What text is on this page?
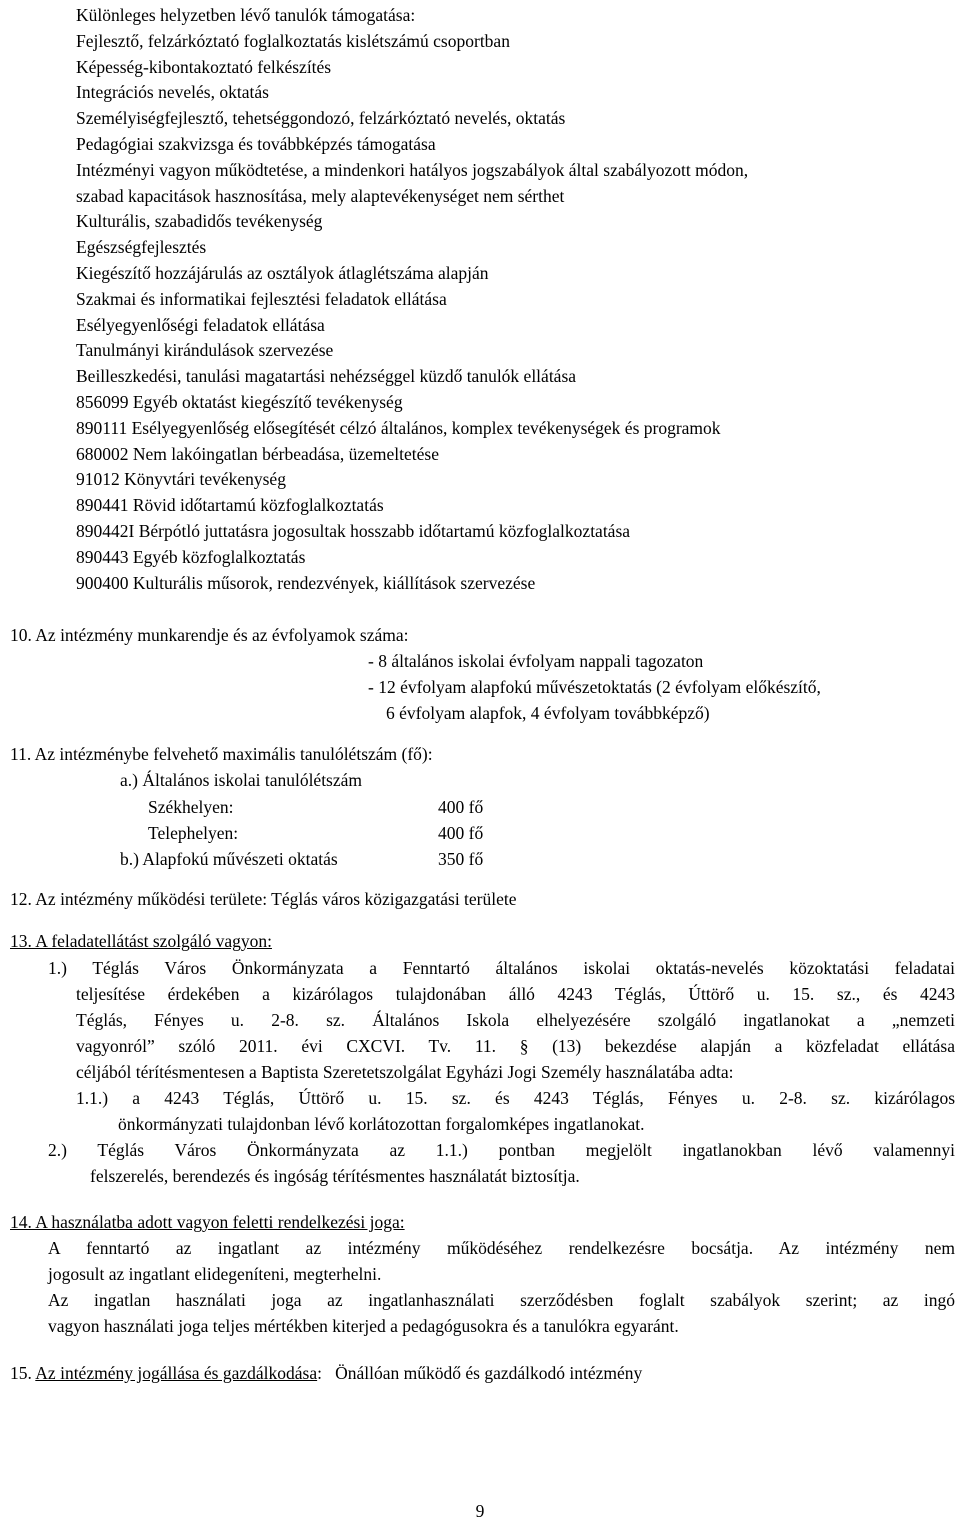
Különleges helyzetben lévő tanulók támogatása:
Fejlesztő, felzárkóztató foglalkoztatás kislétszámú csoportban
Képesség-kibontakoztató felkészítés
Integrációs nevelés, oktatás
Személyiségfejlesztő, tehetséggondozó, felzárkóztató nevelés, oktatás
Pedagógiai szakvizsga és továbbképzés támogatása
Intézményi vagyon működtetése, a mindenkori hatályos jogszabályok által szabályozott módon,
szabad kapacitások hasznosítása, mely alaptevékenységet nem sérthet
Kulturális, szabadidős tevékenység
Egészségfejlesztés
Kiegészítő hozzájárulás az osztályok átlaglétszáma alapján
Szakmai és informatikai fejlesztési feladatok ellátása
Esélyegyenlőségi feladatok ellátása
Tanulmányi kirándulások szervezése
Beilleszkedési, tanulási magatartási nehézséggel küzdő tanulók ellátása
856099 Egyéb oktatást kiegészítő tevékenység
890111 Esélyegyenlőség elősegítését célzó általános, komplex tevékenységek és programok
680002 Nem lakóingatlan bérbeadása, üzemeltetése
91012 Könyvtári tevékenység
890441 Rövid időtartamú közfoglalkoztatás
890442I Bérpótló juttatásra jogosultak hosszabb időtartamú közfoglalkoztatása
890443 Egyéb közfoglalkoztatás
900400 Kulturális műsorok, rendezvények, kiállítások szervezése
10. Az intézmény munkarendje és az évfolyamok száma:
- 8 általános iskolai évfolyam nappali tagozaton
- 12 évfolyam alapfokú művészetoktatás (2 évfolyam előkészítő,
6 évfolyam alapfok, 4 évfolyam továbbképző)
11. Az intézménybe felvehető maximális tanulólétszám (fő):
a.) Általános iskolai tanulólétszám
Székhelyen:	400 fő
Telephelyen:	400 fő
b.) Alapfokú művészeti oktatás	350 fő
12. Az intézmény működési területe: Téglás város közigazgatási területe
13. A feladatellátást szolgáló vagyon:
1.) Téglás Város Önkormányzata a Fenntartó általános iskolai oktatás-nevelés közoktatási feladatai
teljesítése érdekében a kizárólagos tulajdonában álló 4243 Téglás, Úttörő u. 15. sz., és 4243
Téglás, Fényes u. 2-8. sz. Általános Iskola elhelyezésére szolgáló ingatlanokat a „nemzeti
vagyonról” szóló 2011. évi CXCVI. Tv. 11. § (13) bekezdése alapján a közfeladat ellátása
céljából térítésmentesen a Baptista Szeretetszolgálat Egyházi Jogi Személy használatába adta:
1.1.) a 4243 Téglás, Úttörő u. 15. sz. és 4243 Téglás, Fényes u. 2-8. sz. kizárólagos
önkormányzati tulajdonban lévő korlátozottan forgalomképes ingatlanokat.
2.) Téglás Város Önkormányzata az 1.1.) pontban megjelölt ingatlanokban lévő valamennyi
felszerelés, berendezés és ingóság térítésmentes használatát biztosítja.
14. A használatba adott vagyon feletti rendelkezési joga:
A fenntartó az ingatlant az intézmény működéséhez rendelkezésre bocsátja. Az intézmény nem
jogosult az ingatlant elidegeníteni, megterhelni.
Az ingatlan használati joga az ingatlanhasználati szerződésben foglalt szabályok szerint; az ingó
vagyon használati joga teljes mértékben kiterjed a pedagógusokra és a tanulókra egyaránt.
15. Az intézmény jogállása és gazdálkodása: Önállóan működő és gazdálkodó intézmény
9
